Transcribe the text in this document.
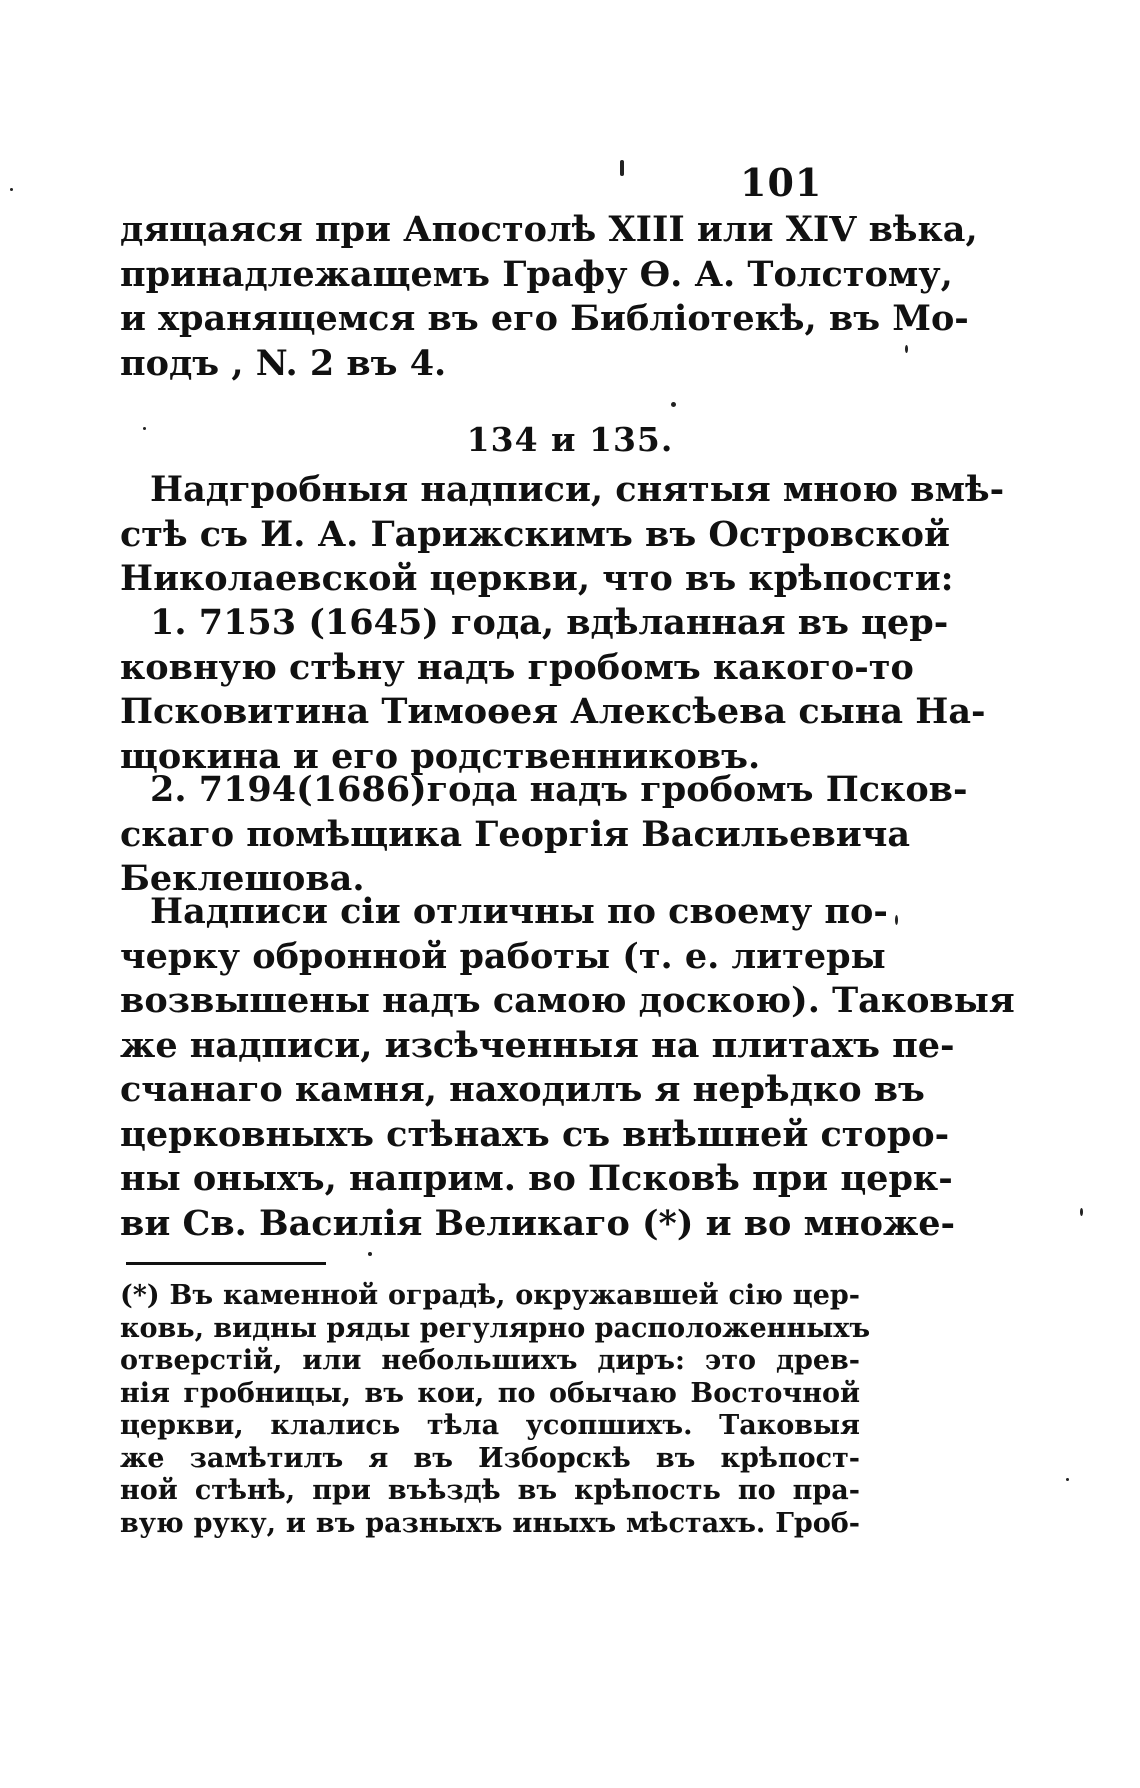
101
дящаяся при Апостолѣ XIII или XIV вѣка,
принадлежащемъ Графу Ѳ. А. Толстому,
и хранящемся въ его Библіотекѣ, въ Мо-
подъ , N. 2 въ 4.
134 и 135.
Надгробныя надписи, снятыя мною вмѣ-
стѣ съ И. А. Гарижскимъ въ Островской
Николаевской церкви, что въ крѣпости:
1. 7153 (1645) года, вдѣланная въ цер-
ковную стѣну надъ гробомъ какого-то
Псковитина Тимоѳея Алексѣева сына На-
щокина и его родственниковъ.
2. 7194(1686)года надъ гробомъ Псков-
скаго помѣщика Георгія Васильевича
Беклешова.
Надписи сіи отличны по своему по-
черку обронной работы (т. е. литеры
возвышены надъ самою доскою). Таковыя
же надписи, изсѣченныя на плитахъ пе-
счанаго камня, находилъ я нерѣдко въ
церковныхъ стѣнахъ съ внѣшней сторо-
ны оныхъ, наприм. во Псковѣ при церк-
ви Св. Василія Великаго (*) и во множе-
(*) Въ каменной оградѣ, окружавшей сію цер-
ковь, видны ряды регулярно расположенныхъ
отверстій, или небольшихъ диръ: это древ-
нія гробницы, въ кои, по обычаю Восточной
церкви, клались тѣла усопшихъ. Таковыя
же замѣтилъ я въ Изборскѣ въ крѣпост-
ной стѣнѣ, при въѣздѣ въ крѣпость по пра-
вую руку, и въ разныхъ иныхъ мѣстахъ. Гроб-
